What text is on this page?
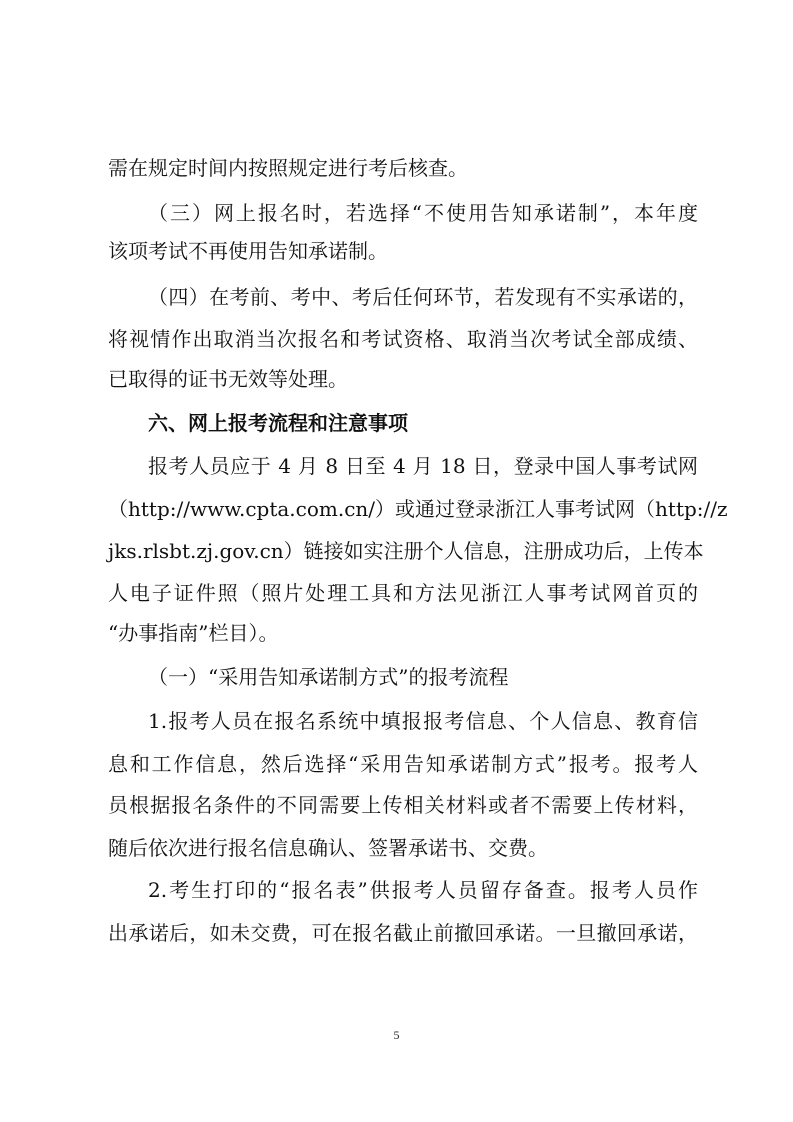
需在规定时间内按照规定进行考后核查。
（三）网上报名时，若选择“不使用告知承诺制”，本年度
该项考试不再使用告知承诺制。
（四）在考前、考中、考后任何环节，若发现有不实承诺的，
将视情作出取消当次报名和考试资格、取消当次考试全部成绩、
已取得的证书无效等处理。
六、网上报考流程和注意事项
报考人员应于 4 月 8 日至 4 月 18 日，登录中国人事考试网
（http://www.cpta.com.cn/）或通过登录浙江人事考试网（http://z
jks.rlsbt.zj.gov.cn）链接如实注册个人信息，注册成功后，上传本
人电子证件照（照片处理工具和方法见浙江人事考试网首页的
“办事指南”栏目）。
（一）“采用告知承诺制方式”的报考流程
1.报考人员在报名系统中填报报考信息、个人信息、教育信
息和工作信息，然后选择“采用告知承诺制方式”报考。报考人
员根据报名条件的不同需要上传相关材料或者不需要上传材料，
随后依次进行报名信息确认、签署承诺书、交费。
2.考生打印的“报名表”供报考人员留存备查。报考人员作
出承诺后，如未交费，可在报名截止前撤回承诺。一旦撤回承诺，
5
